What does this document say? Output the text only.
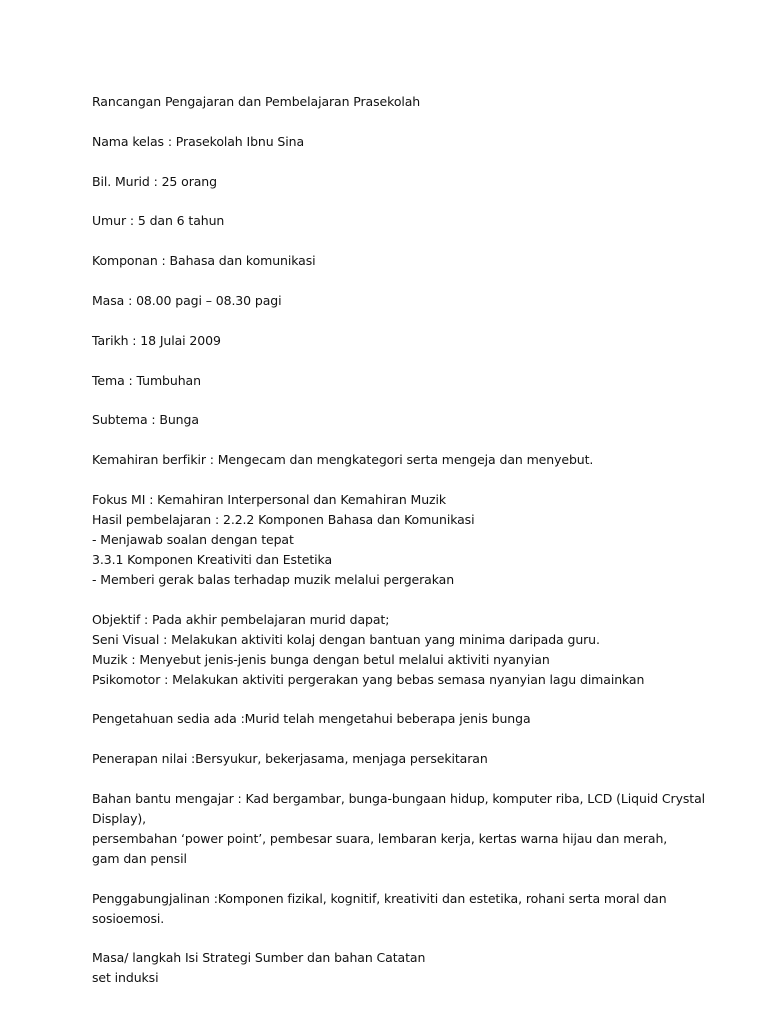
Rancangan Pengajaran dan Pembelajaran Prasekolah
Nama kelas : Prasekolah Ibnu Sina
Bil. Murid : 25 orang
Umur : 5 dan 6 tahun
Komponan : Bahasa dan komunikasi
Masa : 08.00 pagi – 08.30 pagi
Tarikh : 18 Julai 2009
Tema : Tumbuhan
Subtema : Bunga
Kemahiran berfikir : Mengecam dan mengkategori serta mengeja dan menyebut.
Fokus MI : Kemahiran Interpersonal dan Kemahiran Muzik
Hasil pembelajaran : 2.2.2 Komponen Bahasa dan Komunikasi
- Menjawab soalan dengan tepat
3.3.1 Komponen Kreativiti dan Estetika
- Memberi gerak balas terhadap muzik melalui pergerakan
Objektif : Pada akhir pembelajaran murid dapat;
Seni Visual : Melakukan aktiviti kolaj dengan bantuan yang minima daripada guru.
Muzik : Menyebut jenis-jenis bunga dengan betul melalui aktiviti nyanyian
Psikomotor : Melakukan aktiviti pergerakan yang bebas semasa nyanyian lagu dimainkan
Pengetahuan sedia ada :Murid telah mengetahui beberapa jenis bunga
Penerapan nilai :Bersyukur, bekerjasama, menjaga persekitaran
Bahan bantu mengajar : Kad bergambar, bunga-bungaan hidup, komputer riba, LCD (Liquid Crystal
Display),
persembahan ‘power point’, pembesar suara, lembaran kerja, kertas warna hijau dan merah,
gam dan pensil
Penggabungjalinan :Komponen fizikal, kognitif, kreativiti dan estetika, rohani serta moral dan
sosioemosi.
Masa/ langkah Isi Strategi Sumber dan bahan Catatan
set induksi
